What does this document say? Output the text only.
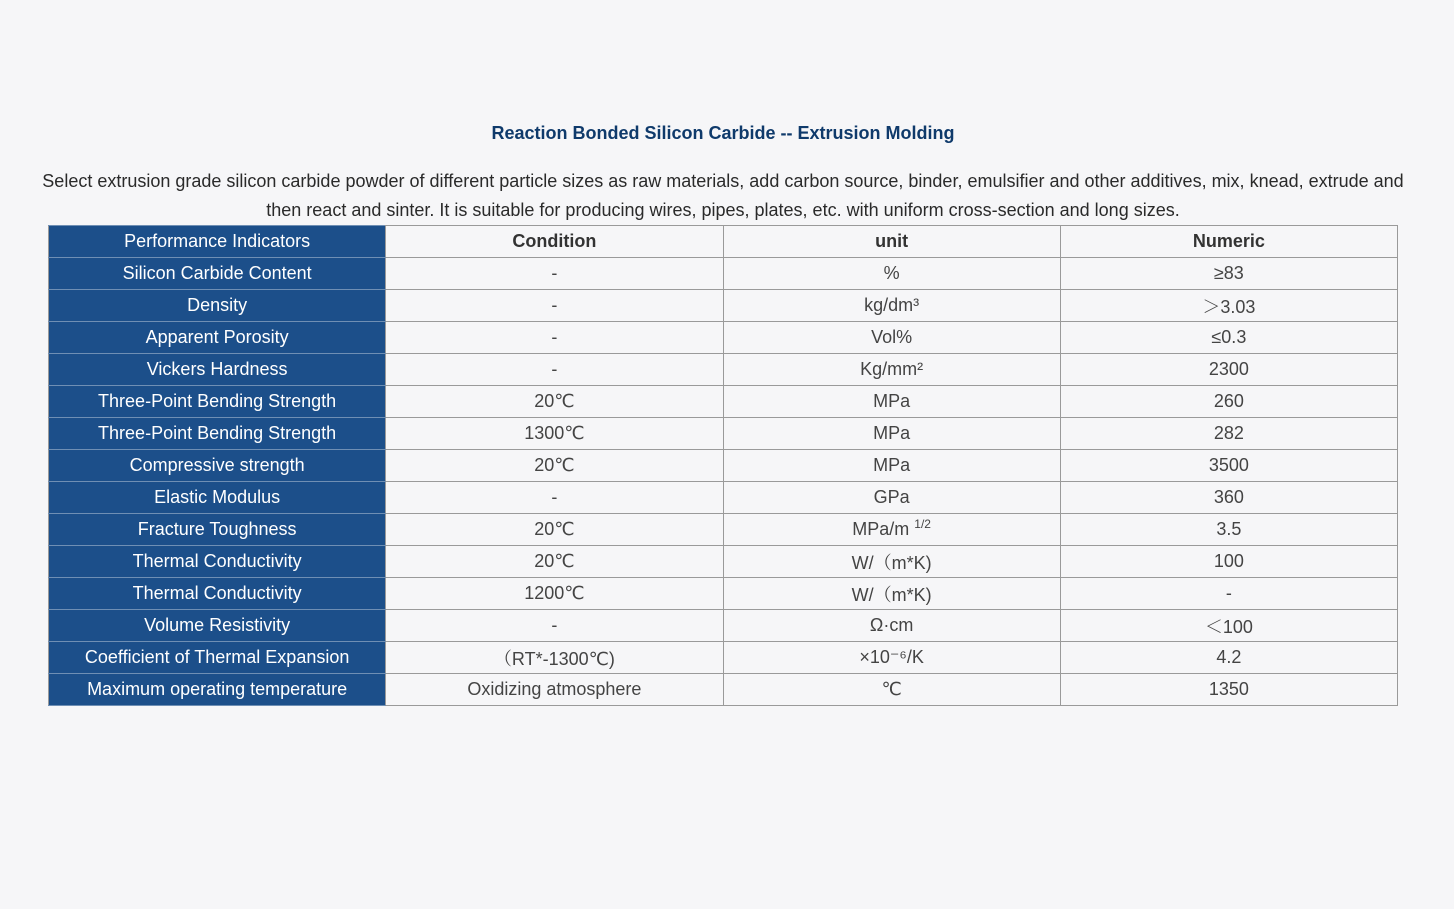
Reaction Bonded Silicon Carbide -- Extrusion Molding
Select extrusion grade silicon carbide powder of different particle sizes as raw materials, add carbon source, binder, emulsifier and other additives, mix, knead, extrude and then react and sinter. It is suitable for producing wires, pipes, plates, etc. with uniform cross-section and long sizes.
Performance Indicators	Condition	unit	Numeric
Silicon Carbide Content	-	%	≥83
Density	-	kg/dm³	＞3.03
Apparent Porosity	-	Vol%	≤0.3
Vickers Hardness	-	Kg/mm²	2300
Three-Point Bending Strength	20℃	MPa	260
Three-Point Bending Strength	1300℃	MPa	282
Compressive strength	20℃	MPa	3500
Elastic Modulus	-	GPa	360
Fracture Toughness	20℃	MPa/m $^{1/2}$	3.5
Thermal Conductivity	20℃	W/（m*K)	100
Thermal Conductivity	1200℃	W/（m*K)	-
Volume Resistivity	-	Ω·cm	＜100
Coefficient of Thermal Expansion	（RT*-1300℃)	×10⁻⁶/K	4.2
Maximum operating temperature	Oxidizing atmosphere	℃	1350
